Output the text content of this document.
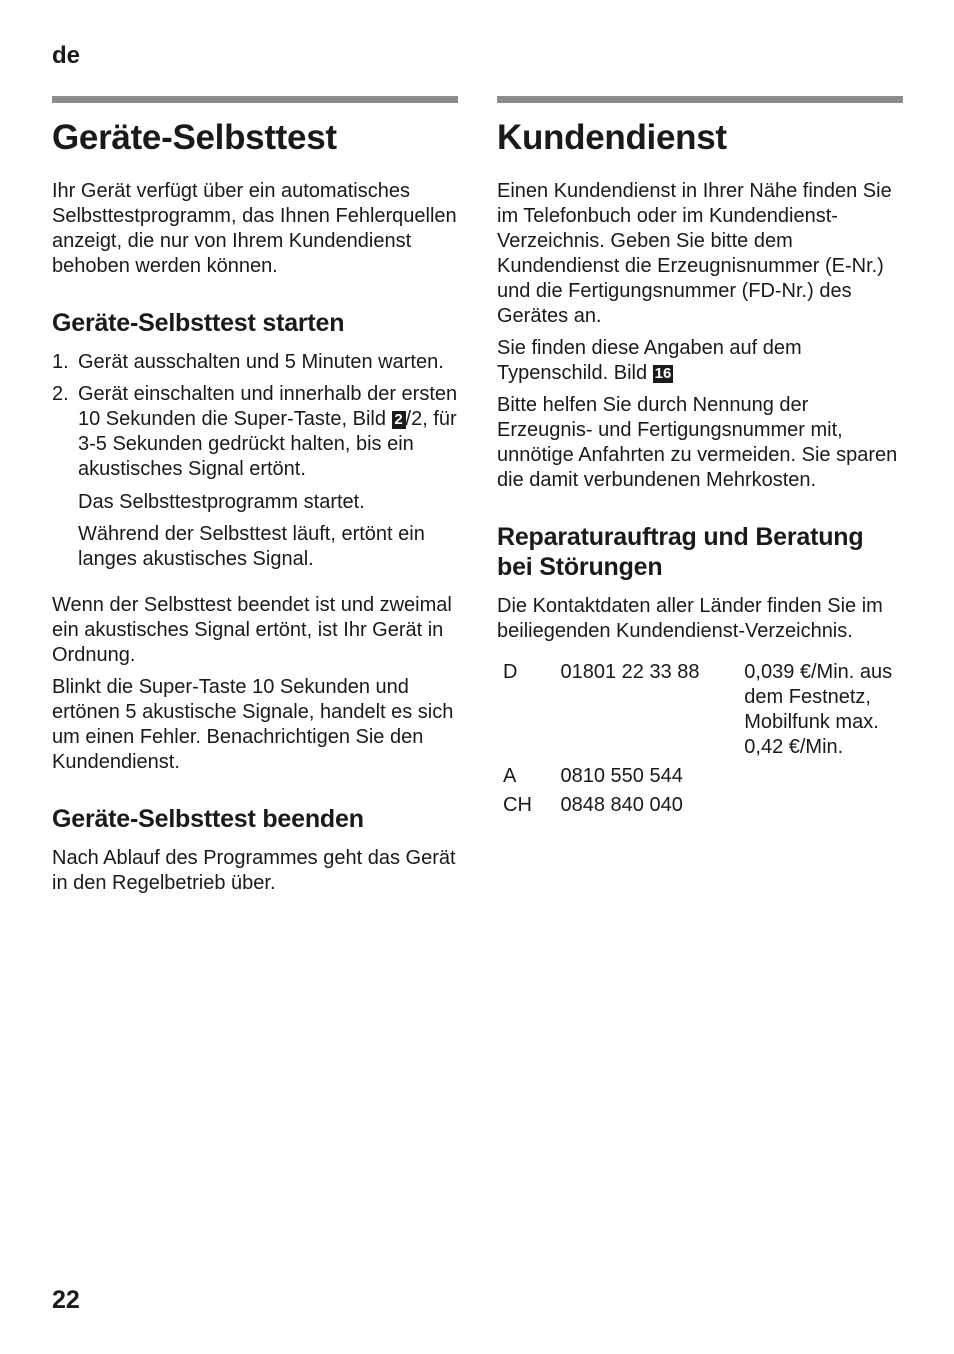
de
Geräte-Selbsttest

Ihr Gerät verfügt über ein automatisches Selbsttestprogramm, das Ihnen Fehlerquellen anzeigt, die nur von Ihrem Kundendienst behoben werden können.

Geräte-Selbsttest starten
1. Gerät ausschalten und 5 Minuten warten.
2. Gerät einschalten und innerhalb der ersten 10 Sekunden die Super-Taste, Bild 2 /2, für 3-5 Sekunden gedrückt halten, bis ein akustisches Signal ertönt.
Das Selbsttestprogramm startet.
Während der Selbsttest läuft, ertönt ein langes akustisches Signal.

Wenn der Selbsttest beendet ist und zweimal ein akustisches Signal ertönt, ist Ihr Gerät in Ordnung.

Blinkt die Super-Taste 10 Sekunden und ertönen 5 akustische Signale, handelt es sich um einen Fehler. Benachrichtigen Sie den Kundendienst.

Geräte-Selbsttest beenden

Nach Ablauf des Programmes geht das Gerät in den Regelbetrieb über.

Kundendienst

Einen Kundendienst in Ihrer Nähe finden Sie im Telefonbuch oder im Kundendienst-Verzeichnis. Geben Sie bitte dem Kundendienst die Erzeugnisnummer (E-Nr.) und die Fertigungsnummer (FD-Nr.) des Gerätes an.

Sie finden diese Angaben auf dem Typenschild. Bild 16

Bitte helfen Sie durch Nennung der Erzeugnis- und Fertigungsnummer mit, unnötige Anfahrten zu vermeiden. Sie sparen die damit verbundenen Mehrkosten.

Reparaturauftrag und Beratung bei Störungen

Die Kontaktdaten aller Länder finden Sie im beiliegenden Kundendienst-Verzeichnis.

D	01801 22 33 88	0,039 €/Min. aus dem Festnetz, Mobilfunk max. 0,42 €/Min.
A	0810 550 544	
CH	0848 840 040	
22
